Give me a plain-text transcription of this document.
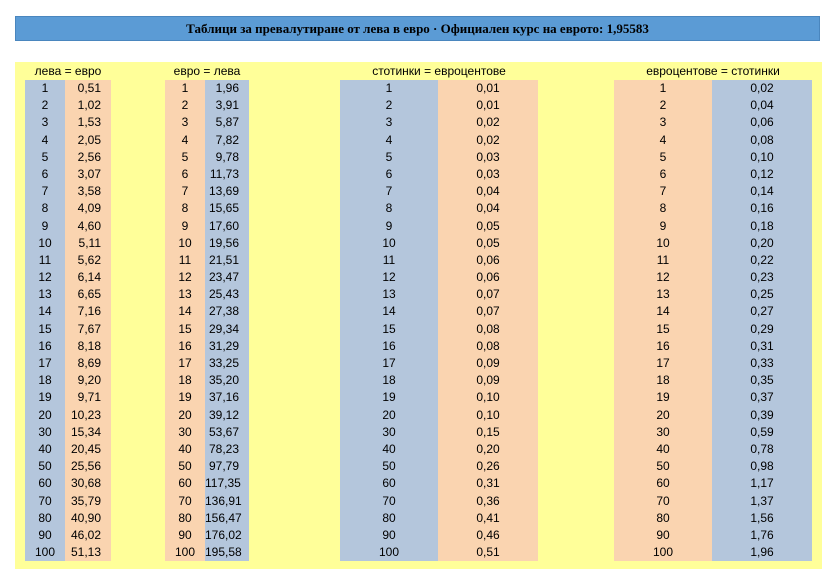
Таблици за превалутиране от лева в евро · Официален курс на еврото: 1,95583
лева = евро
1
2
3
4
5
6
7
8
9
10
11
12
13
14
15
16
17
18
19
20
30
40
50
60
70
80
90
100
0,51
1,02
1,53
2,05
2,56
3,07
3,58
4,09
4,60
5,11
5,62
6,14
6,65
7,16
7,67
8,18
8,69
9,20
9,71
10,23
15,34
20,45
25,56
30,68
35,79
40,90
46,02
51,13
евро = лева
1
2
3
4
5
6
7
8
9
10
11
12
13
14
15
16
17
18
19
20
30
40
50
60
70
80
90
100
1,96
3,91
5,87
7,82
9,78
11,73
13,69
15,65
17,60
19,56
21,51
23,47
25,43
27,38
29,34
31,29
33,25
35,20
37,16
39,12
53,67
78,23
97,79
117,35
136,91
156,47
176,02
195,58
стотинки = евроцентове
1
2
3
4
5
6
7
8
9
10
11
12
13
14
15
16
17
18
19
20
30
40
50
60
70
80
90
100
0,01
0,01
0,02
0,02
0,03
0,03
0,04
0,04
0,05
0,05
0,06
0,06
0,07
0,07
0,08
0,08
0,09
0,09
0,10
0,10
0,15
0,20
0,26
0,31
0,36
0,41
0,46
0,51
евроцентове = стотинки
1
2
3
4
5
6
7
8
9
10
11
12
13
14
15
16
17
18
19
20
30
40
50
60
70
80
90
100
0,02
0,04
0,06
0,08
0,10
0,12
0,14
0,16
0,18
0,20
0,22
0,23
0,25
0,27
0,29
0,31
0,33
0,35
0,37
0,39
0,59
0,78
0,98
1,17
1,37
1,56
1,76
1,96
